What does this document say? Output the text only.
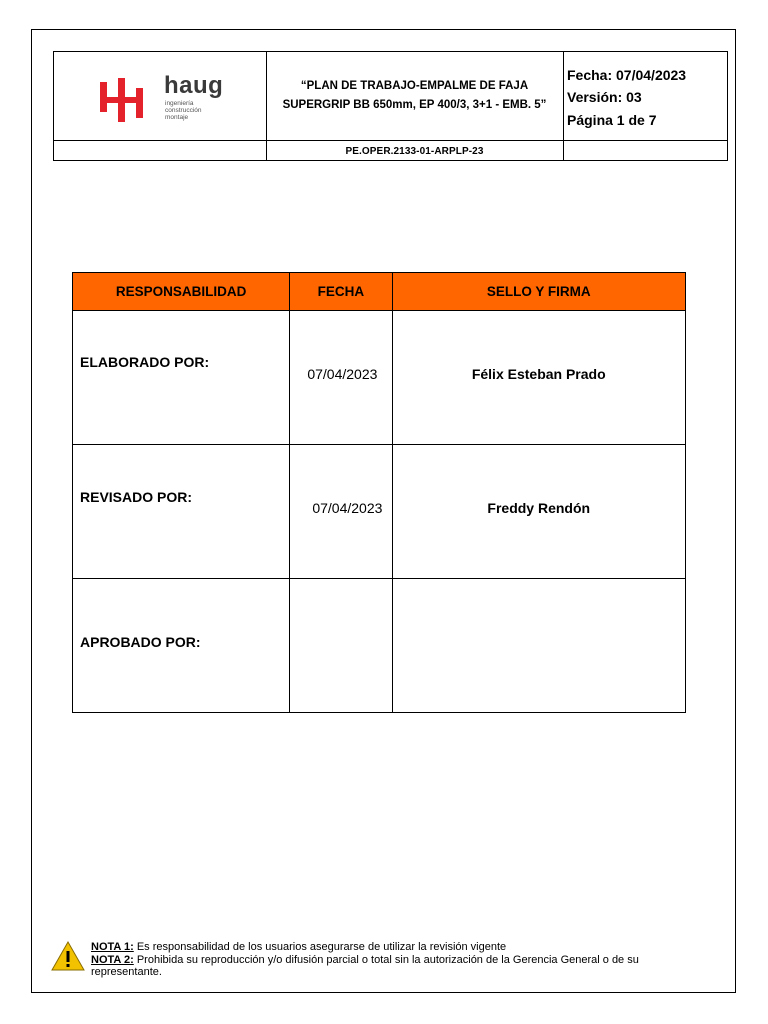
haug
ingeniería
construcción
montaje
“PLAN DE TRABAJO-EMPALME DE FAJA
SUPERGRIP BB 650mm, EP 400/3, 3+1 - EMB. 5”
Fecha: 07/04/2023
Versión: 03
Página 1 de 7
PE.OPER.2133-01-ARPLP-23
RESPONSABILIDAD	FECHA	SELLO Y FIRMA

ELABORADO POR:	07/04/2023	Félix Esteban Prado

REVISADO POR:	07/04/2023	Freddy Rendón

APROBADO POR:		

NOTA 1: Es responsabilidad de los usuarios asegurarse de utilizar la revisión vigente
NOTA 2: Prohibida su reproducción y/o difusión parcial o total sin la autorización de la Gerencia General o de su representante.
